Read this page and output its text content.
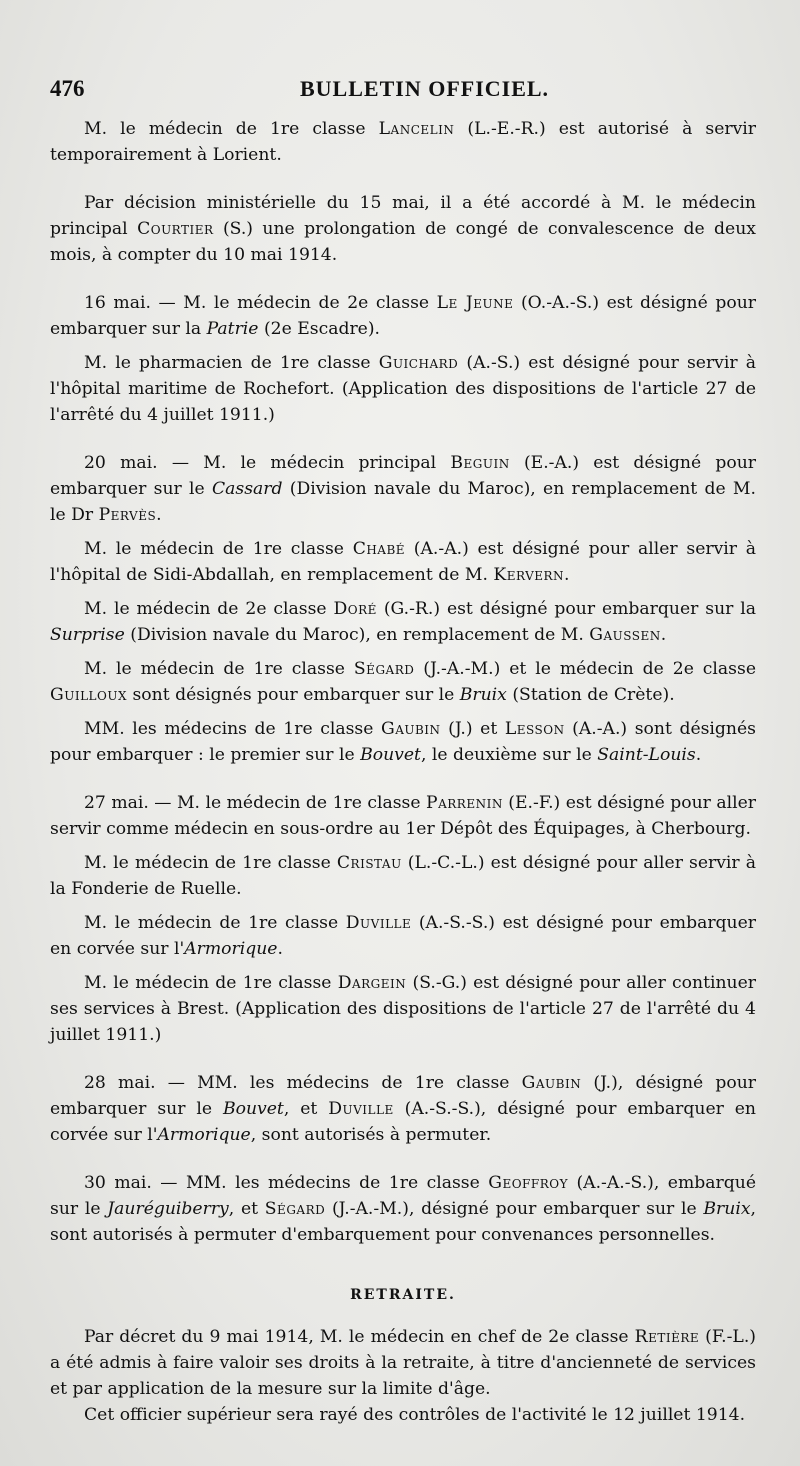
476	BULLETIN OFFICIEL.

M. le médecin de 1re classe Lancelin (L.-E.-R.) est autorisé à servir temporairement à Lorient.

Par décision ministérielle du 15 mai, il a été accordé à M. le médecin principal Courtier (S.) une prolongation de congé de convalescence de deux mois, à compter du 10 mai 1914.

16 mai. — M. le médecin de 2e classe Le Jeune (O.-A.-S.) est désigné pour embarquer sur la Patrie (2e Escadre).

M. le pharmacien de 1re classe Guichard (A.-S.) est désigné pour servir à l'hôpital maritime de Rochefort. (Application des dispositions de l'article 27 de l'arrêté du 4 juillet 1911.)

20 mai. — M. le médecin principal Beguin (E.-A.) est désigné pour embarquer sur le Cassard (Division navale du Maroc), en remplacement de M. le Dr Pervès.

M. le médecin de 1re classe Chabé (A.-A.) est désigné pour aller servir à l'hôpital de Sidi-Abdallah, en remplacement de M. Kervern.

M. le médecin de 2e classe Doré (G.-R.) est désigné pour embarquer sur la Surprise (Division navale du Maroc), en remplacement de M. Gaussen.

M. le médecin de 1re classe Ségard (J.-A.-M.) et le médecin de 2e classe Guilloux sont désignés pour embarquer sur le Bruix (Station de Crète).

MM. les médecins de 1re classe Gaubin (J.) et Lesson (A.-A.) sont désignés pour embarquer : le premier sur le Bouvet, le deuxième sur le Saint-Louis.

27 mai. — M. le médecin de 1re classe Parrenin (E.-F.) est désigné pour aller servir comme médecin en sous-ordre au 1er Dépôt des Équipages, à Cherbourg.

M. le médecin de 1re classe Cristau (L.-C.-L.) est désigné pour aller servir à la Fonderie de Ruelle.

M. le médecin de 1re classe Duville (A.-S.-S.) est désigné pour embarquer en corvée sur l'Armorique.

M. le médecin de 1re classe Dargein (S.-G.) est désigné pour aller continuer ses services à Brest. (Application des dispositions de l'article 27 de l'arrêté du 4 juillet 1911.)

28 mai. — MM. les médecins de 1re classe Gaubin (J.), désigné pour embarquer sur le Bouvet, et Duville (A.-S.-S.), désigné pour embarquer en corvée sur l'Armorique, sont autorisés à permuter.

30 mai. — MM. les médecins de 1re classe Geoffroy (A.-A.-S.), embarqué sur le Jauréguiberry, et Ségard (J.-A.-M.), désigné pour embarquer sur le Bruix, sont autorisés à permuter d'embarquement pour convenances personnelles.

RETRAITE.

Par décret du 9 mai 1914, M. le médecin en chef de 2e classe Retière (F.-L.) a été admis à faire valoir ses droits à la retraite, à titre d'ancienneté de services et par application de la mesure sur la limite d'âge.

Cet officier supérieur sera rayé des contrôles de l'activité le 12 juillet 1914.
